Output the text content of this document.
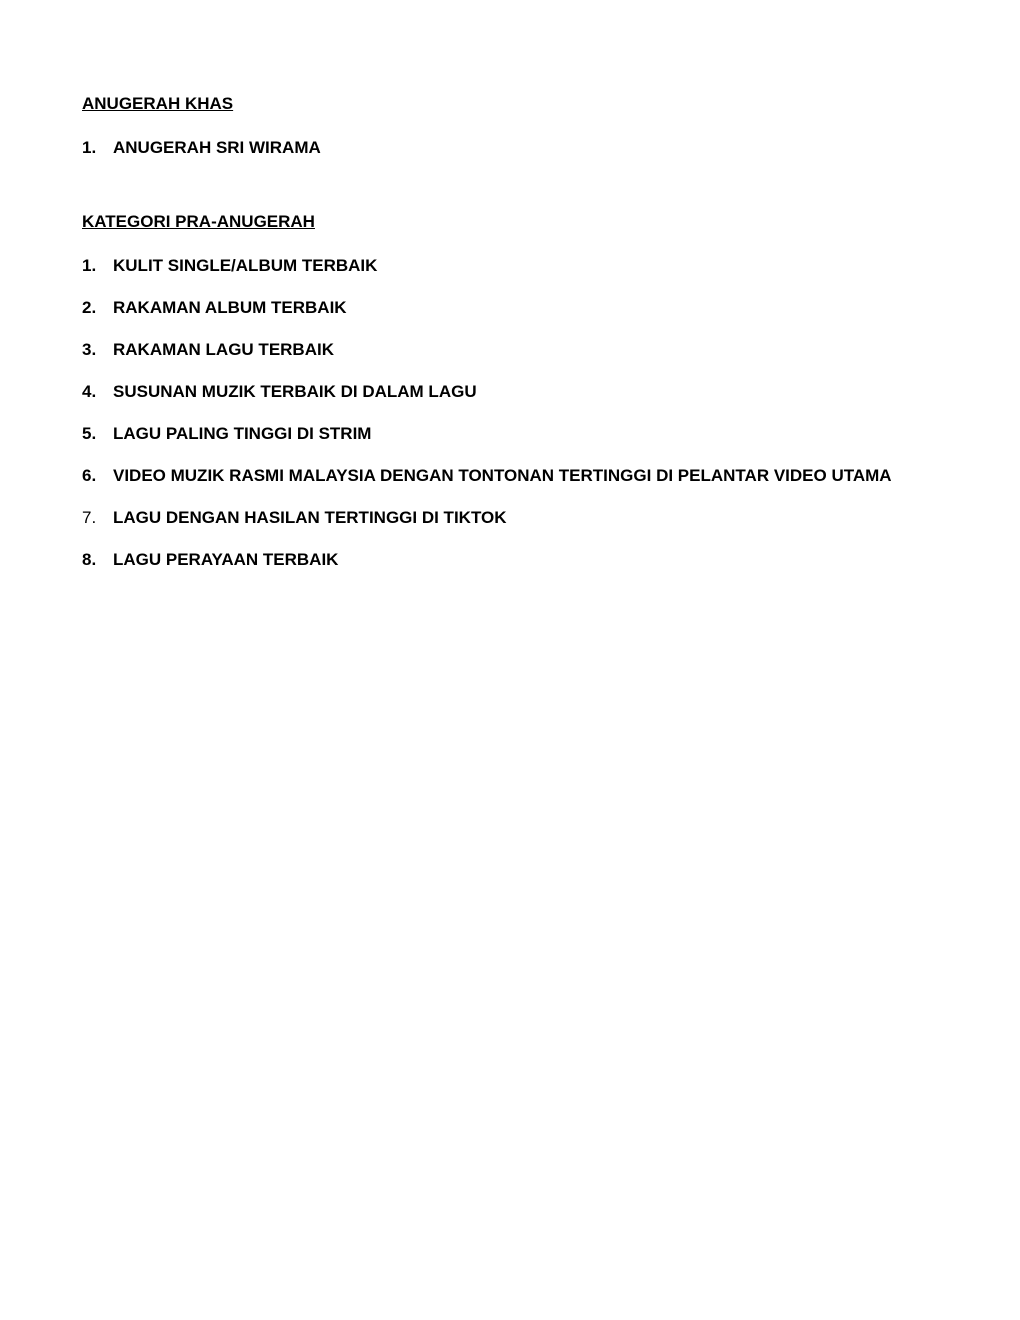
ANUGERAH KHAS
1. ANUGERAH SRI WIRAMA
KATEGORI PRA-ANUGERAH
1. KULIT SINGLE/ALBUM TERBAIK
2. RAKAMAN ALBUM TERBAIK
3. RAKAMAN LAGU TERBAIK
4. SUSUNAN MUZIK TERBAIK DI DALAM LAGU
5. LAGU PALING TINGGI DI STRIM
6. VIDEO MUZIK RASMI MALAYSIA DENGAN TONTONAN TERTINGGI DI PELANTAR VIDEO UTAMA
7. LAGU DENGAN HASILAN TERTINGGI DI TIKTOK
8. LAGU PERAYAAN TERBAIK
